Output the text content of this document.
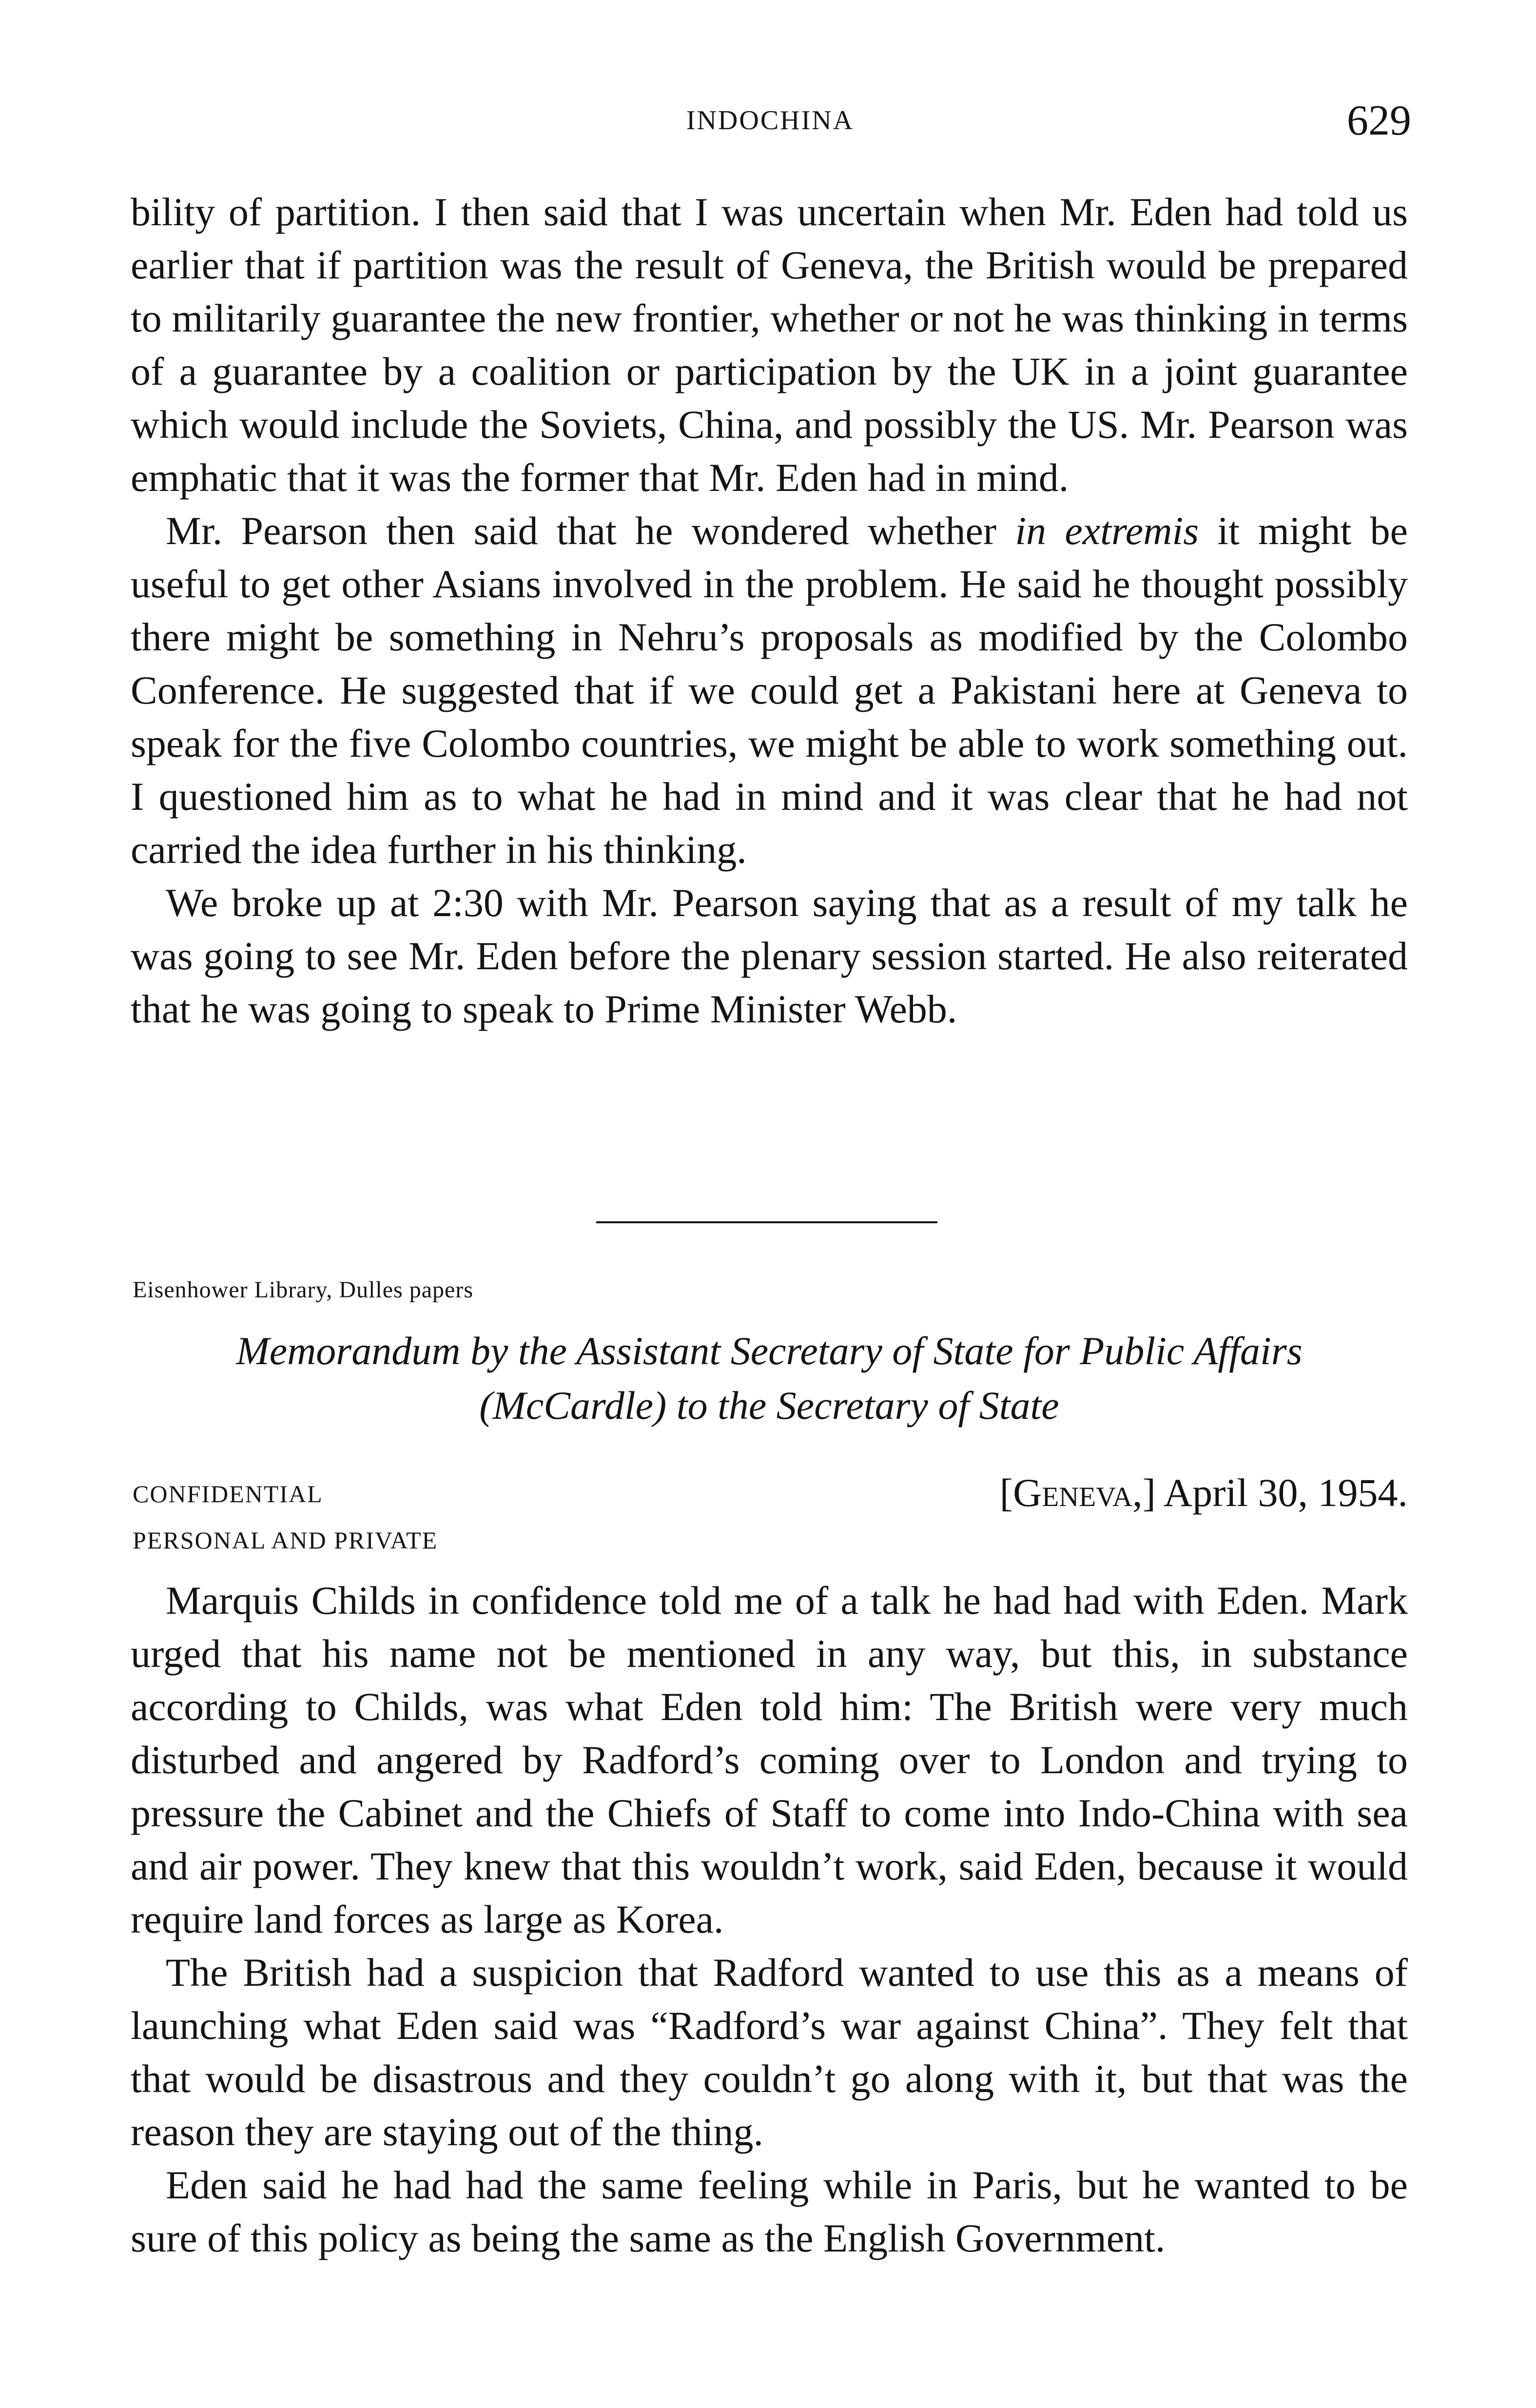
INDOCHINA	629

bility of partition. I then said that I was uncertain when Mr. Eden had told us earlier that if partition was the result of Geneva, the British would be prepared to militarily guarantee the new frontier, whether or not he was thinking in terms of a guarantee by a coalition or participation by the UK in a joint guarantee which would include the Soviets, China, and possibly the US. Mr. Pearson was emphatic that it was the former that Mr. Eden had in mind.

Mr. Pearson then said that he wondered whether in extremis it might be useful to get other Asians involved in the problem. He said he thought possibly there might be something in Nehru’s proposals as modified by the Colombo Conference. He suggested that if we could get a Pakistani here at Geneva to speak for the five Colombo countries, we might be able to work something out. I questioned him as to what he had in mind and it was clear that he had not carried the idea further in his thinking.

We broke up at 2:30 with Mr. Pearson saying that as a result of my talk he was going to see Mr. Eden before the plenary session started. He also reiterated that he was going to speak to Prime Minister Webb.

Eisenhower Library, Dulles papers
Memorandum by the Assistant Secretary of State for Public Affairs
(McCardle) to the Secretary of State
CONFIDENTIAL
PERSONAL AND PRIVATE
[Geneva,] April 30, 1954.

Marquis Childs in confidence told me of a talk he had had with Eden. Mark urged that his name not be mentioned in any way, but this, in substance according to Childs, was what Eden told him: The British were very much disturbed and angered by Radford’s coming over to London and trying to pressure the Cabinet and the Chiefs of Staff to come into Indo-China with sea and air power. They knew that this wouldn’t work, said Eden, because it would require land forces as large as Korea.

The British had a suspicion that Radford wanted to use this as a means of launching what Eden said was “Radford’s war against China”. They felt that that would be disastrous and they couldn’t go along with it, but that was the reason they are staying out of the thing.

Eden said he had had the same feeling while in Paris, but he wanted to be sure of this policy as being the same as the English Government.
